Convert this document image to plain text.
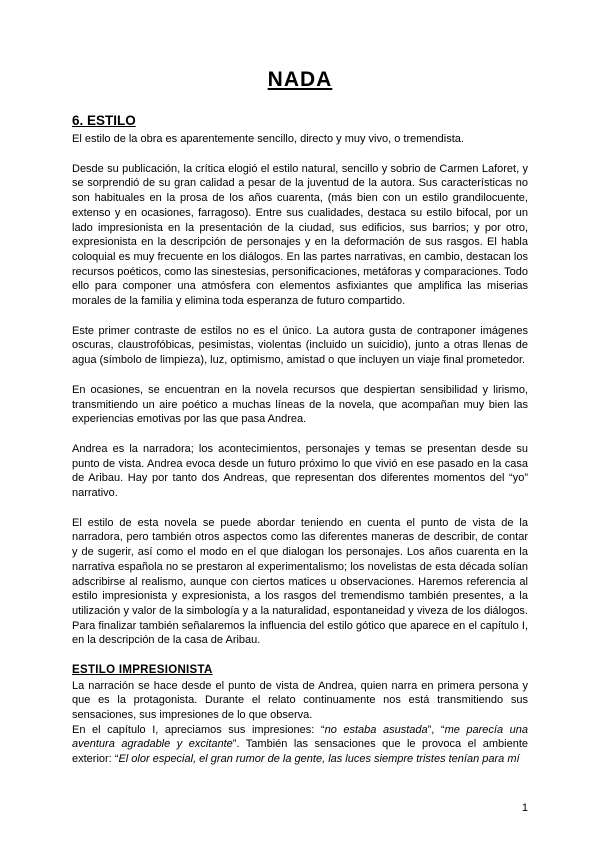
NADA
6. ESTILO

El estilo de la obra es aparentemente sencillo, directo y muy vivo, o tremendista.

Desde su publicación, la crítica elogió el estilo natural, sencillo y sobrio de Carmen Laforet, y se sorprendió de su gran calidad a pesar de la juventud de la autora. Sus características no son habituales en la prosa de los años cuarenta, (más bien con un estilo grandilocuente, extenso y en ocasiones, farragoso). Entre sus cualidades, destaca su estilo bifocal, por un lado impresionista en la presentación de la ciudad, sus edificios, sus barrios; y por otro, expresionista en la descripción de personajes y en la deformación de sus rasgos. El habla coloquial es muy frecuente en los diálogos. En las partes narrativas, en cambio, destacan los recursos poéticos, como las sinestesias, personificaciones, metáforas y comparaciones. Todo ello para componer una atmósfera con elementos asfixiantes que amplifica las miserias morales de la familia y elimina toda esperanza de futuro compartido.

Este primer contraste de estilos no es el único. La autora gusta de contraponer imágenes oscuras, claustrofóbicas, pesimistas, violentas (incluido un suicidio), junto a otras llenas de agua (símbolo de limpieza), luz, optimismo, amistad o que incluyen un viaje final prometedor.

En ocasiones, se encuentran en la novela recursos que despiertan sensibilidad y lirismo, transmitiendo un aire poético a muchas líneas de la novela, que acompañan muy bien las experiencias emotivas por las que pasa Andrea.

Andrea es la narradora; los acontecimientos, personajes y temas se presentan desde su punto de vista. Andrea evoca desde un futuro próximo lo que vivió en ese pasado en la casa de Aribau. Hay por tanto dos Andreas, que representan dos diferentes momentos del “yo” narrativo.

El estilo de esta novela se puede abordar teniendo en cuenta el punto de vista de la narradora, pero también otros aspectos como las diferentes maneras de describir, de contar y de sugerir, así como el modo en el que dialogan los personajes. Los años cuarenta en la narrativa española no se prestaron al experimentalismo; los novelistas de esta década solían adscribirse al realismo, aunque con ciertos matices u observaciones. Haremos referencia al estilo impresionista y expresionista, a los rasgos del tremendismo también presentes, a la utilización y valor de la simbología y a la naturalidad, espontaneidad y viveza de los diálogos. Para finalizar también señalaremos la influencia del estilo gótico que aparece en el capítulo I, en la descripción de la casa de Aribau.

ESTILO IMPRESIONISTA

La narración se hace desde el punto de vista de Andrea, quien narra en primera persona y que es la protagonista. Durante el relato continuamente nos está transmitiendo sus sensaciones, sus impresiones de lo que observa.

En el capítulo I, apreciamos sus impresiones: “no estaba asustada”, “me parecía una aventura agradable y excitante”. También las sensaciones que le provoca el ambiente exterior: “El olor especial, el gran rumor de la gente, las luces siempre tristes tenían para mí

1
